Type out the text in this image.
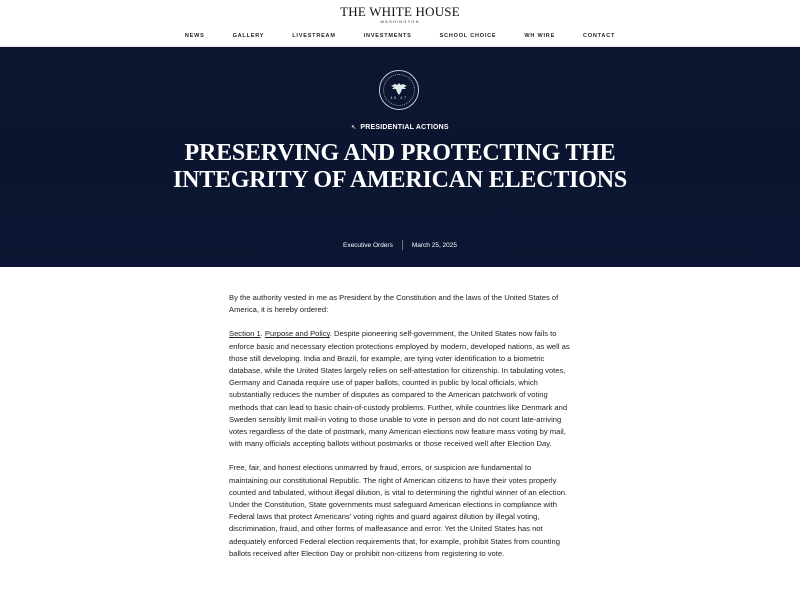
THE WHITE HOUSE
WASHINGTON
NEWS	GALLERY	LIVESTREAM	INVESTMENTS	SCHOOL CHOICE	WH WIRE	CONTACT
45 47
↖ PRESIDENTIAL ACTIONS
PRESERVING AND PROTECTING THE
INTEGRITY OF AMERICAN ELECTIONS
Executive Orders	March 25, 2025

By the authority vested in me as President by the Constitution and the laws of the United States of America, it is hereby ordered:

Section 1. Purpose and Policy. Despite pioneering self-government, the United States now fails to enforce basic and necessary election protections employed by modern, developed nations, as well as those still developing. India and Brazil, for example, are tying voter identification to a biometric database, while the United States largely relies on self-attestation for citizenship. In tabulating votes, Germany and Canada require use of paper ballots, counted in public by local officials, which substantially reduces the number of disputes as compared to the American patchwork of voting methods that can lead to basic chain-of-custody problems. Further, while countries like Denmark and Sweden sensibly limit mail-in voting to those unable to vote in person and do not count late-arriving votes regardless of the date of postmark, many American elections now feature mass voting by mail, with many officials accepting ballots without postmarks or those received well after Election Day.

Free, fair, and honest elections unmarred by fraud, errors, or suspicion are fundamental to maintaining our constitutional Republic. The right of American citizens to have their votes properly counted and tabulated, without illegal dilution, is vital to determining the rightful winner of an election.

Under the Constitution, State governments must safeguard American elections in compliance with Federal laws that protect Americans' voting rights and guard against dilution by illegal voting, discrimination, fraud, and other forms of malfeasance and error. Yet the United States has not adequately enforced Federal election requirements that, for example, prohibit States from counting ballots received after Election Day or prohibit non-citizens from registering to vote.
